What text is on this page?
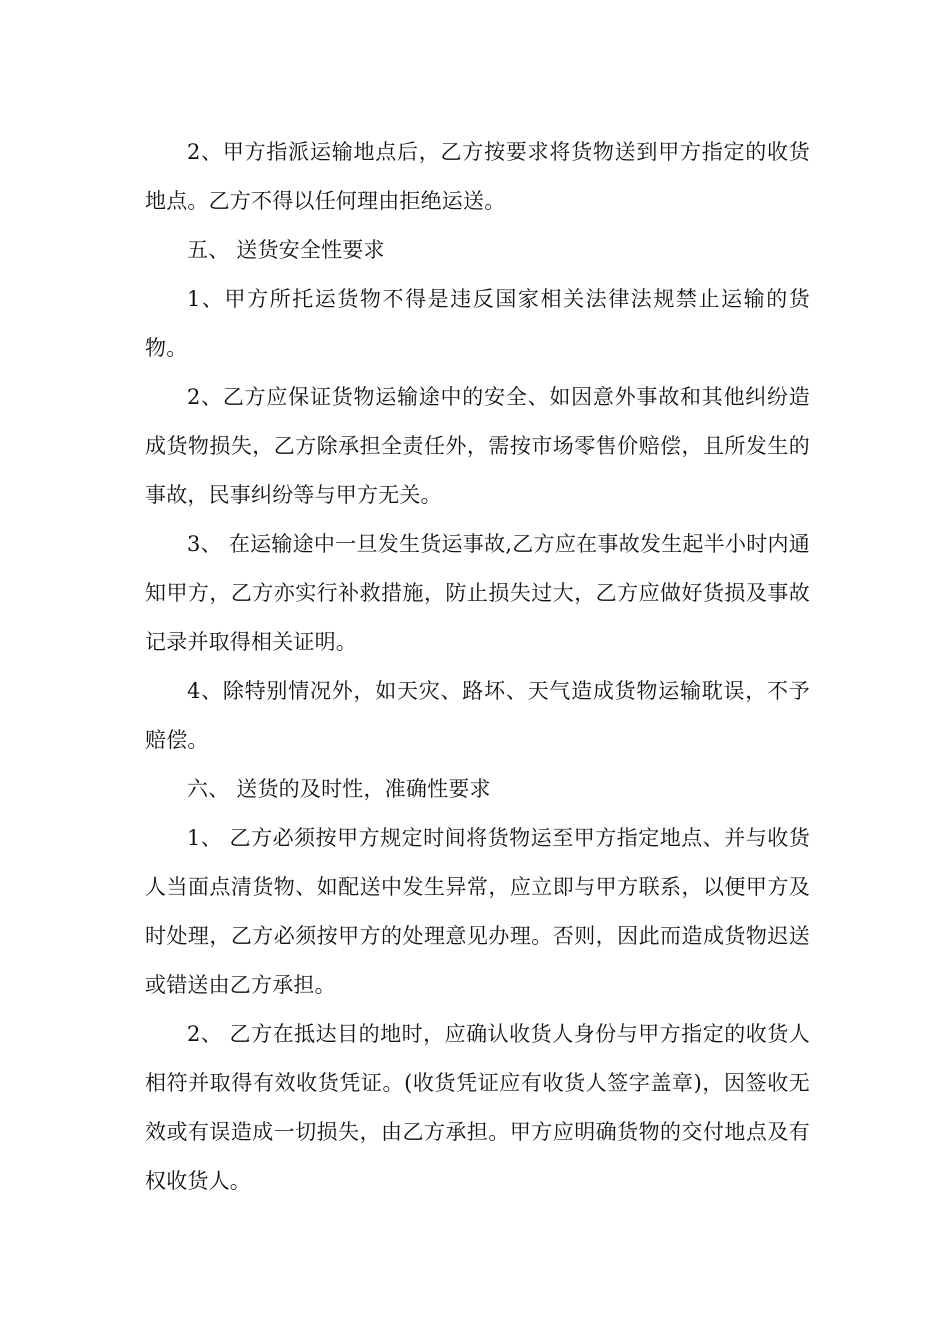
2、甲方指派运输地点后，乙方按要求将货物送到甲方指定的收货地点。乙方不得以任何理由拒绝运送。

五、 送货安全性要求

1、甲方所托运货物不得是违反国家相关法律法规禁止运输的货物。

2、乙方应保证货物运输途中的安全、如因意外事故和其他纠纷造成货物损失，乙方除承担全责任外，需按市场零售价赔偿，且所发生的事故，民事纠纷等与甲方无关。

3、 在运输途中一旦发生货运事故,乙方应在事故发生起半小时内通知甲方，乙方亦实行补救措施，防止损失过大，乙方应做好货损及事故记录并取得相关证明。

4、除特别情况外，如天灾、路坏、天气造成货物运输耽误，不予赔偿。

六、 送货的及时性，准确性要求

1、 乙方必须按甲方规定时间将货物运至甲方指定地点、并与收货人当面点清货物、如配送中发生异常，应立即与甲方联系，以便甲方及时处理，乙方必须按甲方的处理意见办理。否则，因此而造成货物迟送或错送由乙方承担。

2、 乙方在抵达目的地时，应确认收货人身份与甲方指定的收货人相符并取得有效收货凭证。(收货凭证应有收货人签字盖章)，因签收无效或有误造成一切损失，由乙方承担。甲方应明确货物的交付地点及有权收货人。
